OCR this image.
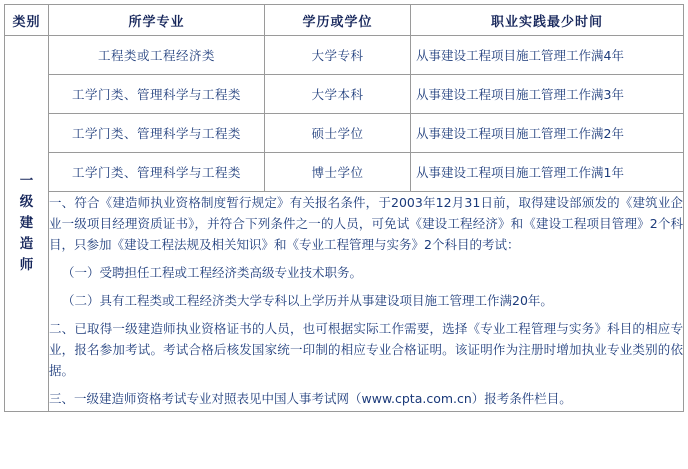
类别	所学专业	学历或学位	职业实践最少时间

一
级
建
造
师	工程类或工程经济类	大学专科	从事建设工程项目施工管理工作满4年
	工学门类、管理科学与工程类	大学本科	从事建设工程项目施工管理工作满3年
	工学门类、管理科学与工程类	硕士学位	从事建设工程项目施工管理工作满2年
	工学门类、管理科学与工程类	博士学位	从事建设工程项目施工管理工作满1年

	一、符合《建造师执业资格制度暂行规定》有关报名条件，于2003年12月31日前，取得建设部颁发的《建筑业企业一级项目经理资质证书》，并符合下列条件之一的人员，可免试《建设工程经济》和《建设工程项目管理》2个科目，只参加《建设工程法规及相关知识》和《专业工程管理与实务》2个科目的考试：

（一）受聘担任工程或工程经济类高级专业技术职务。

（二）具有工程类或工程经济类大学专科以上学历并从事建设项目施工管理工作满20年。

二、已取得一级建造师执业资格证书的人员，也可根据实际工作需要，选择《专业工程管理与实务》科目的相应专业，报名参加考试。考试合格后核发国家统一印制的相应专业合格证明。该证明作为注册时增加执业专业类别的依据。

三、一级建造师资格考试专业对照表见中国人事考试网（www.cpta.com.cn）报考条件栏目。		
